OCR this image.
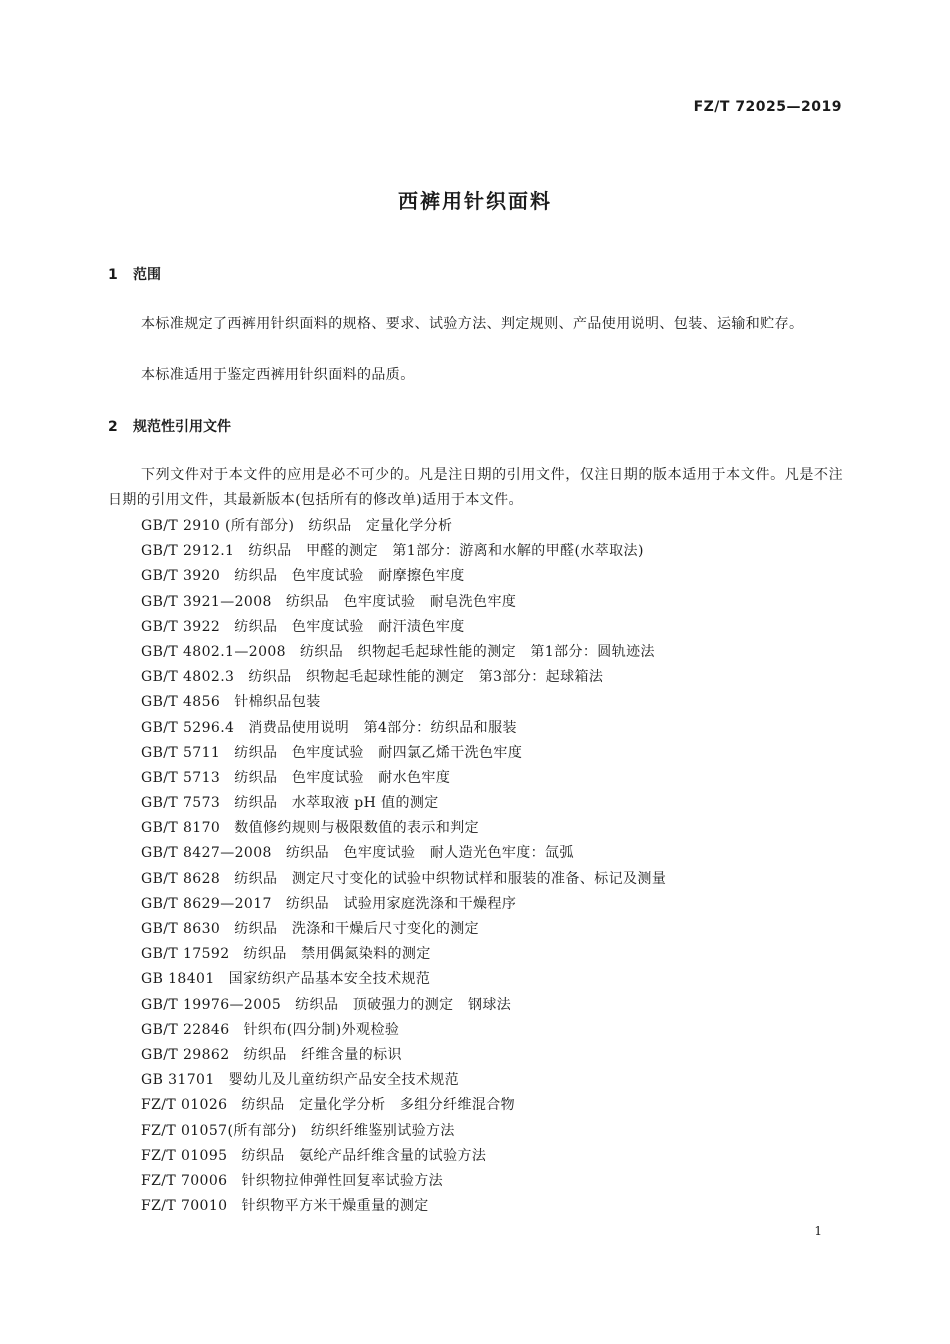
FZ/T 72025—2019
西裤用针织面料
1 范围

本标准规定了西裤用针织面料的规格、要求、试验方法、判定规则、产品使用说明、包装、运输和贮存。

本标准适用于鉴定西裤用针织面料的品质。

2 规范性引用文件

下列文件对于本文件的应用是必不可少的。凡是注日期的引用文件，仅注日期的版本适用于本文件。凡是不注日期的引用文件，其最新版本(包括所有的修改单)适用于本文件。

GB/T 2910 (所有部分) 纺织品　定量化学分析
GB/T 2912.1 纺织品　甲醛的测定　第1部分：游离和水解的甲醛(水萃取法)
GB/T 3920 纺织品　色牢度试验　耐摩擦色牢度
GB/T 3921—2008 纺织品　色牢度试验　耐皂洗色牢度
GB/T 3922 纺织品　色牢度试验　耐汗渍色牢度
GB/T 4802.1—2008 纺织品　织物起毛起球性能的测定　第1部分：圆轨迹法
GB/T 4802.3 纺织品　织物起毛起球性能的测定　第3部分：起球箱法
GB/T 4856 针棉织品包装
GB/T 5296.4 消费品使用说明　第4部分：纺织品和服装
GB/T 5711 纺织品　色牢度试验　耐四氯乙烯干洗色牢度
GB/T 5713 纺织品　色牢度试验　耐水色牢度
GB/T 7573 纺织品　水萃取液 pH 值的测定
GB/T 8170 数值修约规则与极限数值的表示和判定
GB/T 8427—2008 纺织品　色牢度试验　耐人造光色牢度：氙弧
GB/T 8628 纺织品　测定尺寸变化的试验中织物试样和服装的准备、标记及测量
GB/T 8629—2017 纺织品　试验用家庭洗涤和干燥程序
GB/T 8630 纺织品　洗涤和干燥后尺寸变化的测定
GB/T 17592 纺织品　禁用偶氮染料的测定
GB 18401 国家纺织产品基本安全技术规范
GB/T 19976—2005 纺织品　顶破强力的测定　钢球法
GB/T 22846 针织布(四分制)外观检验
GB/T 29862 纺织品　纤维含量的标识
GB 31701 婴幼儿及儿童纺织产品安全技术规范
FZ/T 01026 纺织品　定量化学分析　多组分纤维混合物
FZ/T 01057(所有部分) 纺织纤维鉴别试验方法
FZ/T 01095 纺织品　氨纶产品纤维含量的试验方法
FZ/T 70006 针织物拉伸弹性回复率试验方法
FZ/T 70010 针织物平方米干燥重量的测定
1
